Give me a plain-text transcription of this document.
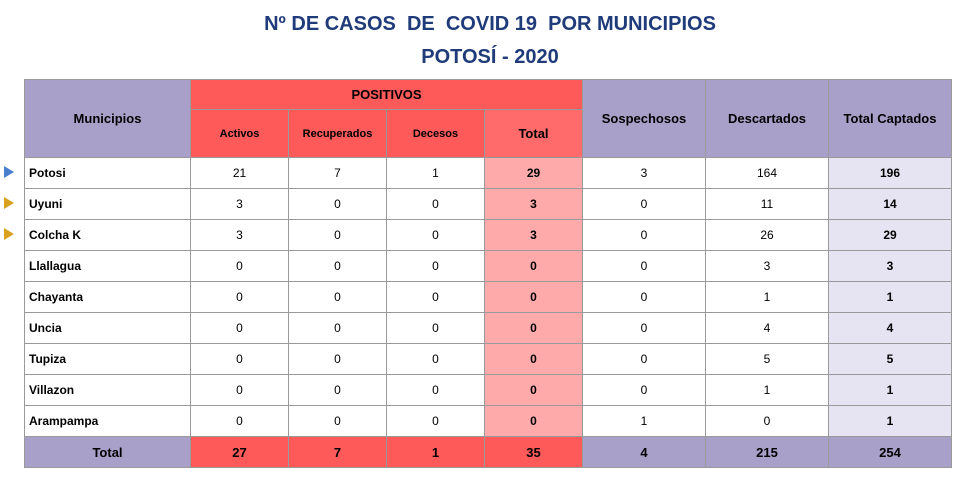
Nº DE CASOS  DE  COVID 19  POR MUNICIPIOS
POTOSÍ - 2020
Municipios	POSITIVOS				Sospechosos	Descartados	Total Captados
	Activos	Recuperados	Decesos	Total			
Potosi	21	7	1	29	3	164	196
Uyuni	3	0	0	3	0	11	14
Colcha K	3	0	0	3	0	26	29
Llallagua	0	0	0	0	0	3	3
Chayanta	0	0	0	0	0	1	1
Uncia	0	0	0	0	0	4	4
Tupiza	0	0	0	0	0	5	5
Villazon	0	0	0	0	0	1	1
Arampampa	0	0	0	0	1	0	1
Total	27	7	1	35	4	215	254
